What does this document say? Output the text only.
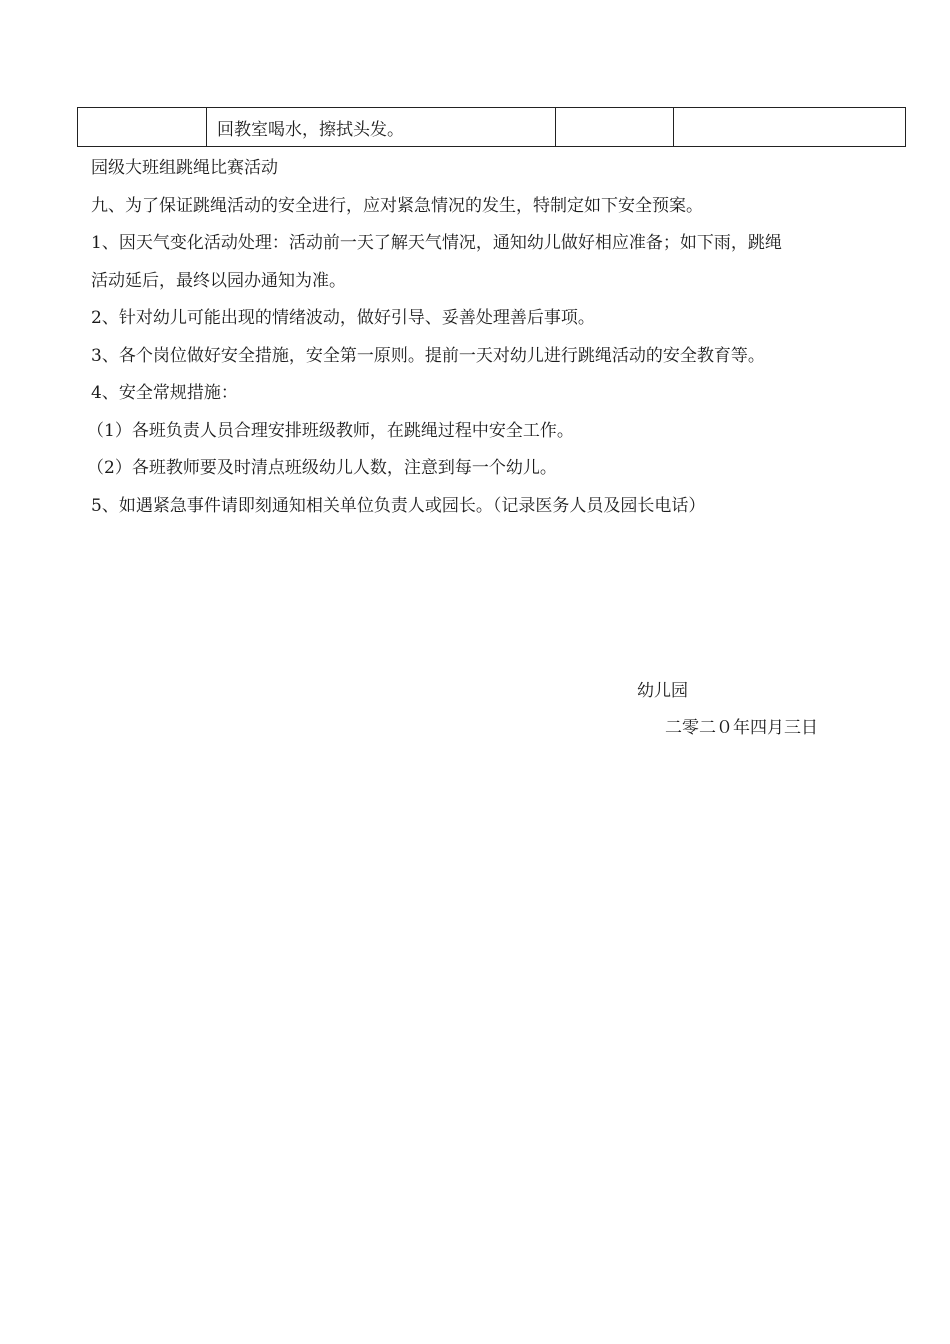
	回教室喝水，擦拭头发。		

园级大班组跳绳比赛活动

九、为了保证跳绳活动的安全进行，应对紧急情况的发生，特制定如下安全预案。

1、因天气变化活动处理：活动前一天了解天气情况，通知幼儿做好相应准备；如下雨，跳绳

活动延后，最终以园办通知为准。

2、针对幼儿可能出现的情绪波动，做好引导、妥善处理善后事项。

3、各个岗位做好安全措施，安全第一原则。提前一天对幼儿进行跳绳活动的安全教育等。

4、安全常规措施：

（1）各班负责人员合理安排班级教师，在跳绳过程中安全工作。

（2）各班教师要及时清点班级幼儿人数，注意到每一个幼儿。

5、如遇紧急事件请即刻通知相关单位负责人或园长。（记录医务人员及园长电话）

幼儿园
二零二０年四月三日
